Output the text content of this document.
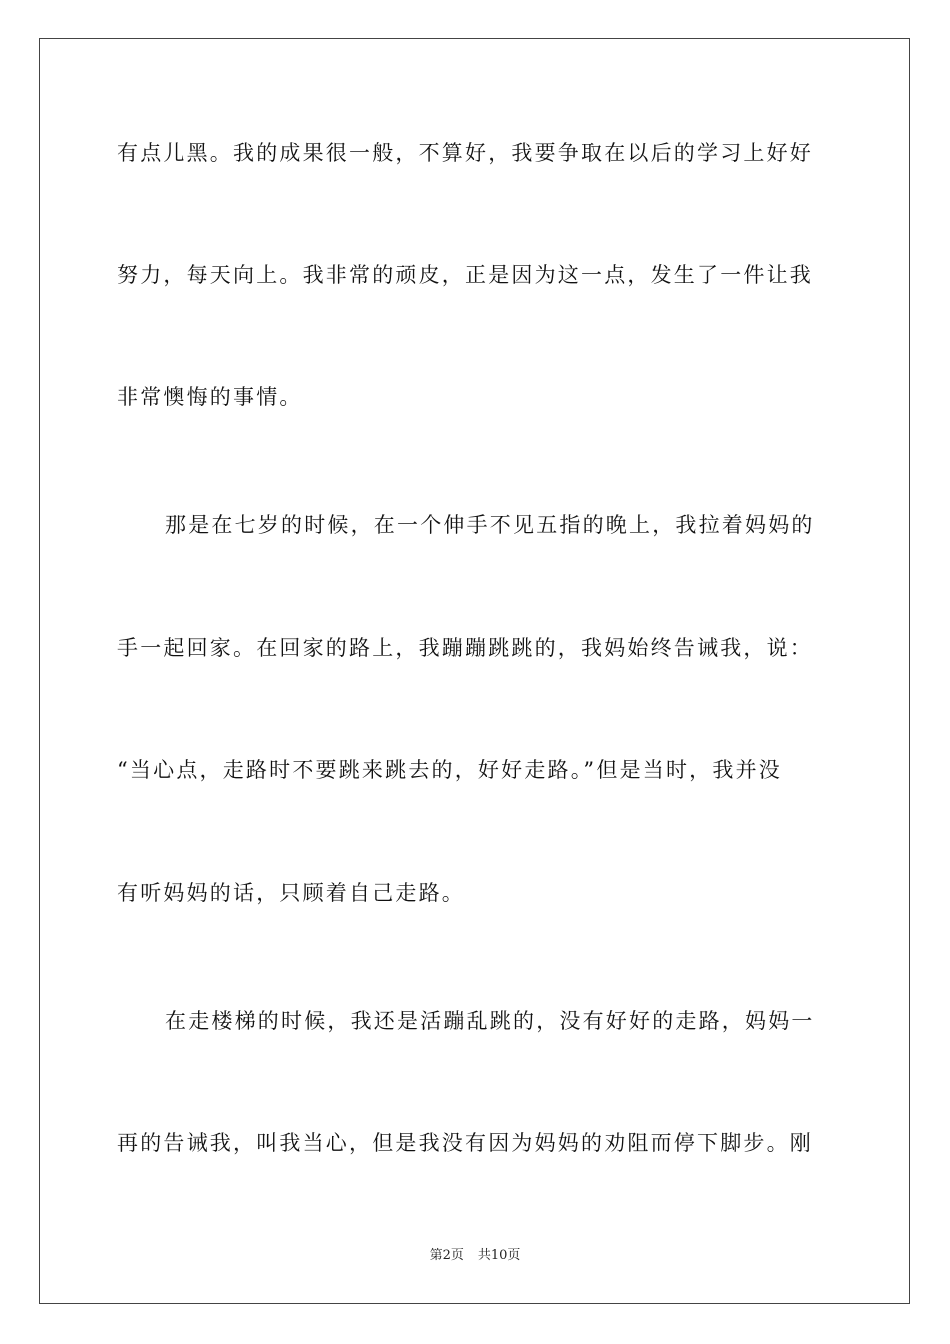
有点儿黑。我的成果很一般，不算好，我要争取在以后的学习上好好
努力，每天向上。我非常的顽皮，正是因为这一点，发生了一件让我
非常懊悔的事情。
那是在七岁的时候，在一个伸手不见五指的晚上，我拉着妈妈的
手一起回家。在回家的路上，我蹦蹦跳跳的，我妈始终告诫我，说：
“当心点，走路时不要跳来跳去的，好好走路。”但是当时，我并没
有听妈妈的话，只顾着自己走路。
在走楼梯的时候，我还是活蹦乱跳的，没有好好的走路，妈妈一
再的告诫我，叫我当心，但是我没有因为妈妈的劝阻而停下脚步。刚
第2页 共10页
